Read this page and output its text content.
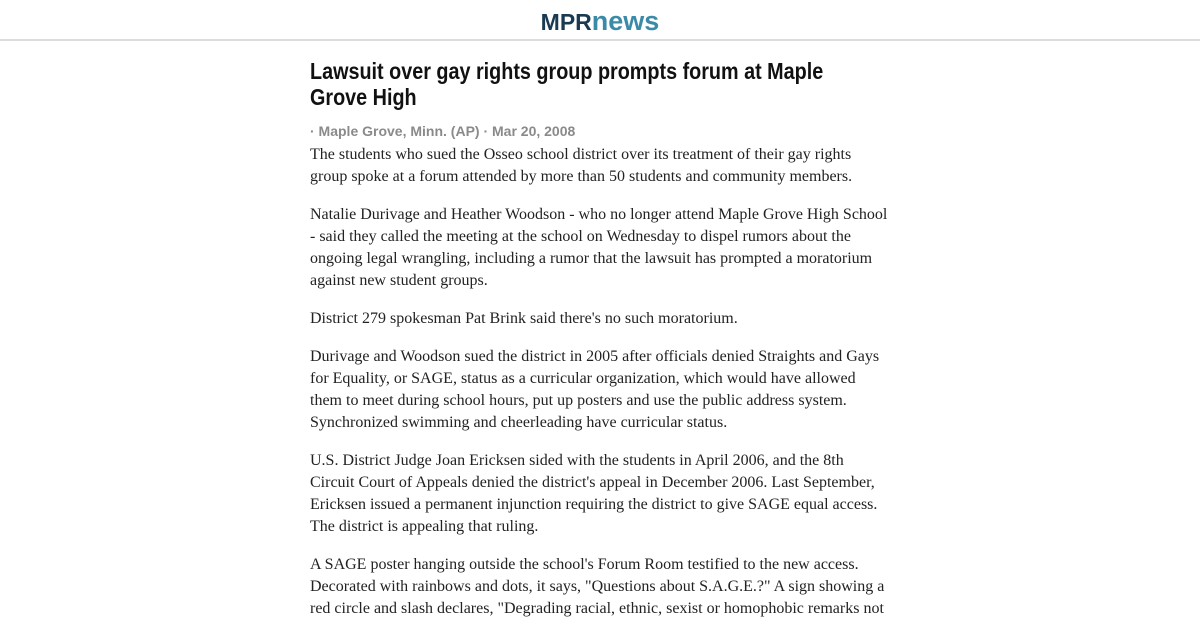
MPRnews
Lawsuit over gay rights group prompts forum at Maple Grove High
· Maple Grove, Minn. (AP) · Mar 20, 2008

The students who sued the Osseo school district over its treatment of their gay rights group spoke at a forum attended by more than 50 students and community members.

Natalie Durivage and Heather Woodson - who no longer attend Maple Grove High School - said they called the meeting at the school on Wednesday to dispel rumors about the ongoing legal wrangling, including a rumor that the lawsuit has prompted a moratorium against new student groups.

District 279 spokesman Pat Brink said there's no such moratorium.

Durivage and Woodson sued the district in 2005 after officials denied Straights and Gays for Equality, or SAGE, status as a curricular organization, which would have allowed them to meet during school hours, put up posters and use the public address system. Synchronized swimming and cheerleading have curricular status.

U.S. District Judge Joan Ericksen sided with the students in April 2006, and the 8th Circuit Court of Appeals denied the district's appeal in December 2006. Last September, Ericksen issued a permanent injunction requiring the district to give SAGE equal access. The district is appealing that ruling.

A SAGE poster hanging outside the school's Forum Room testified to the new access. Decorated with rainbows and dots, it says, "Questions about S.A.G.E.?" A sign showing a red circle and slash declares, "Degrading racial, ethnic, sexist or homophobic remarks not
